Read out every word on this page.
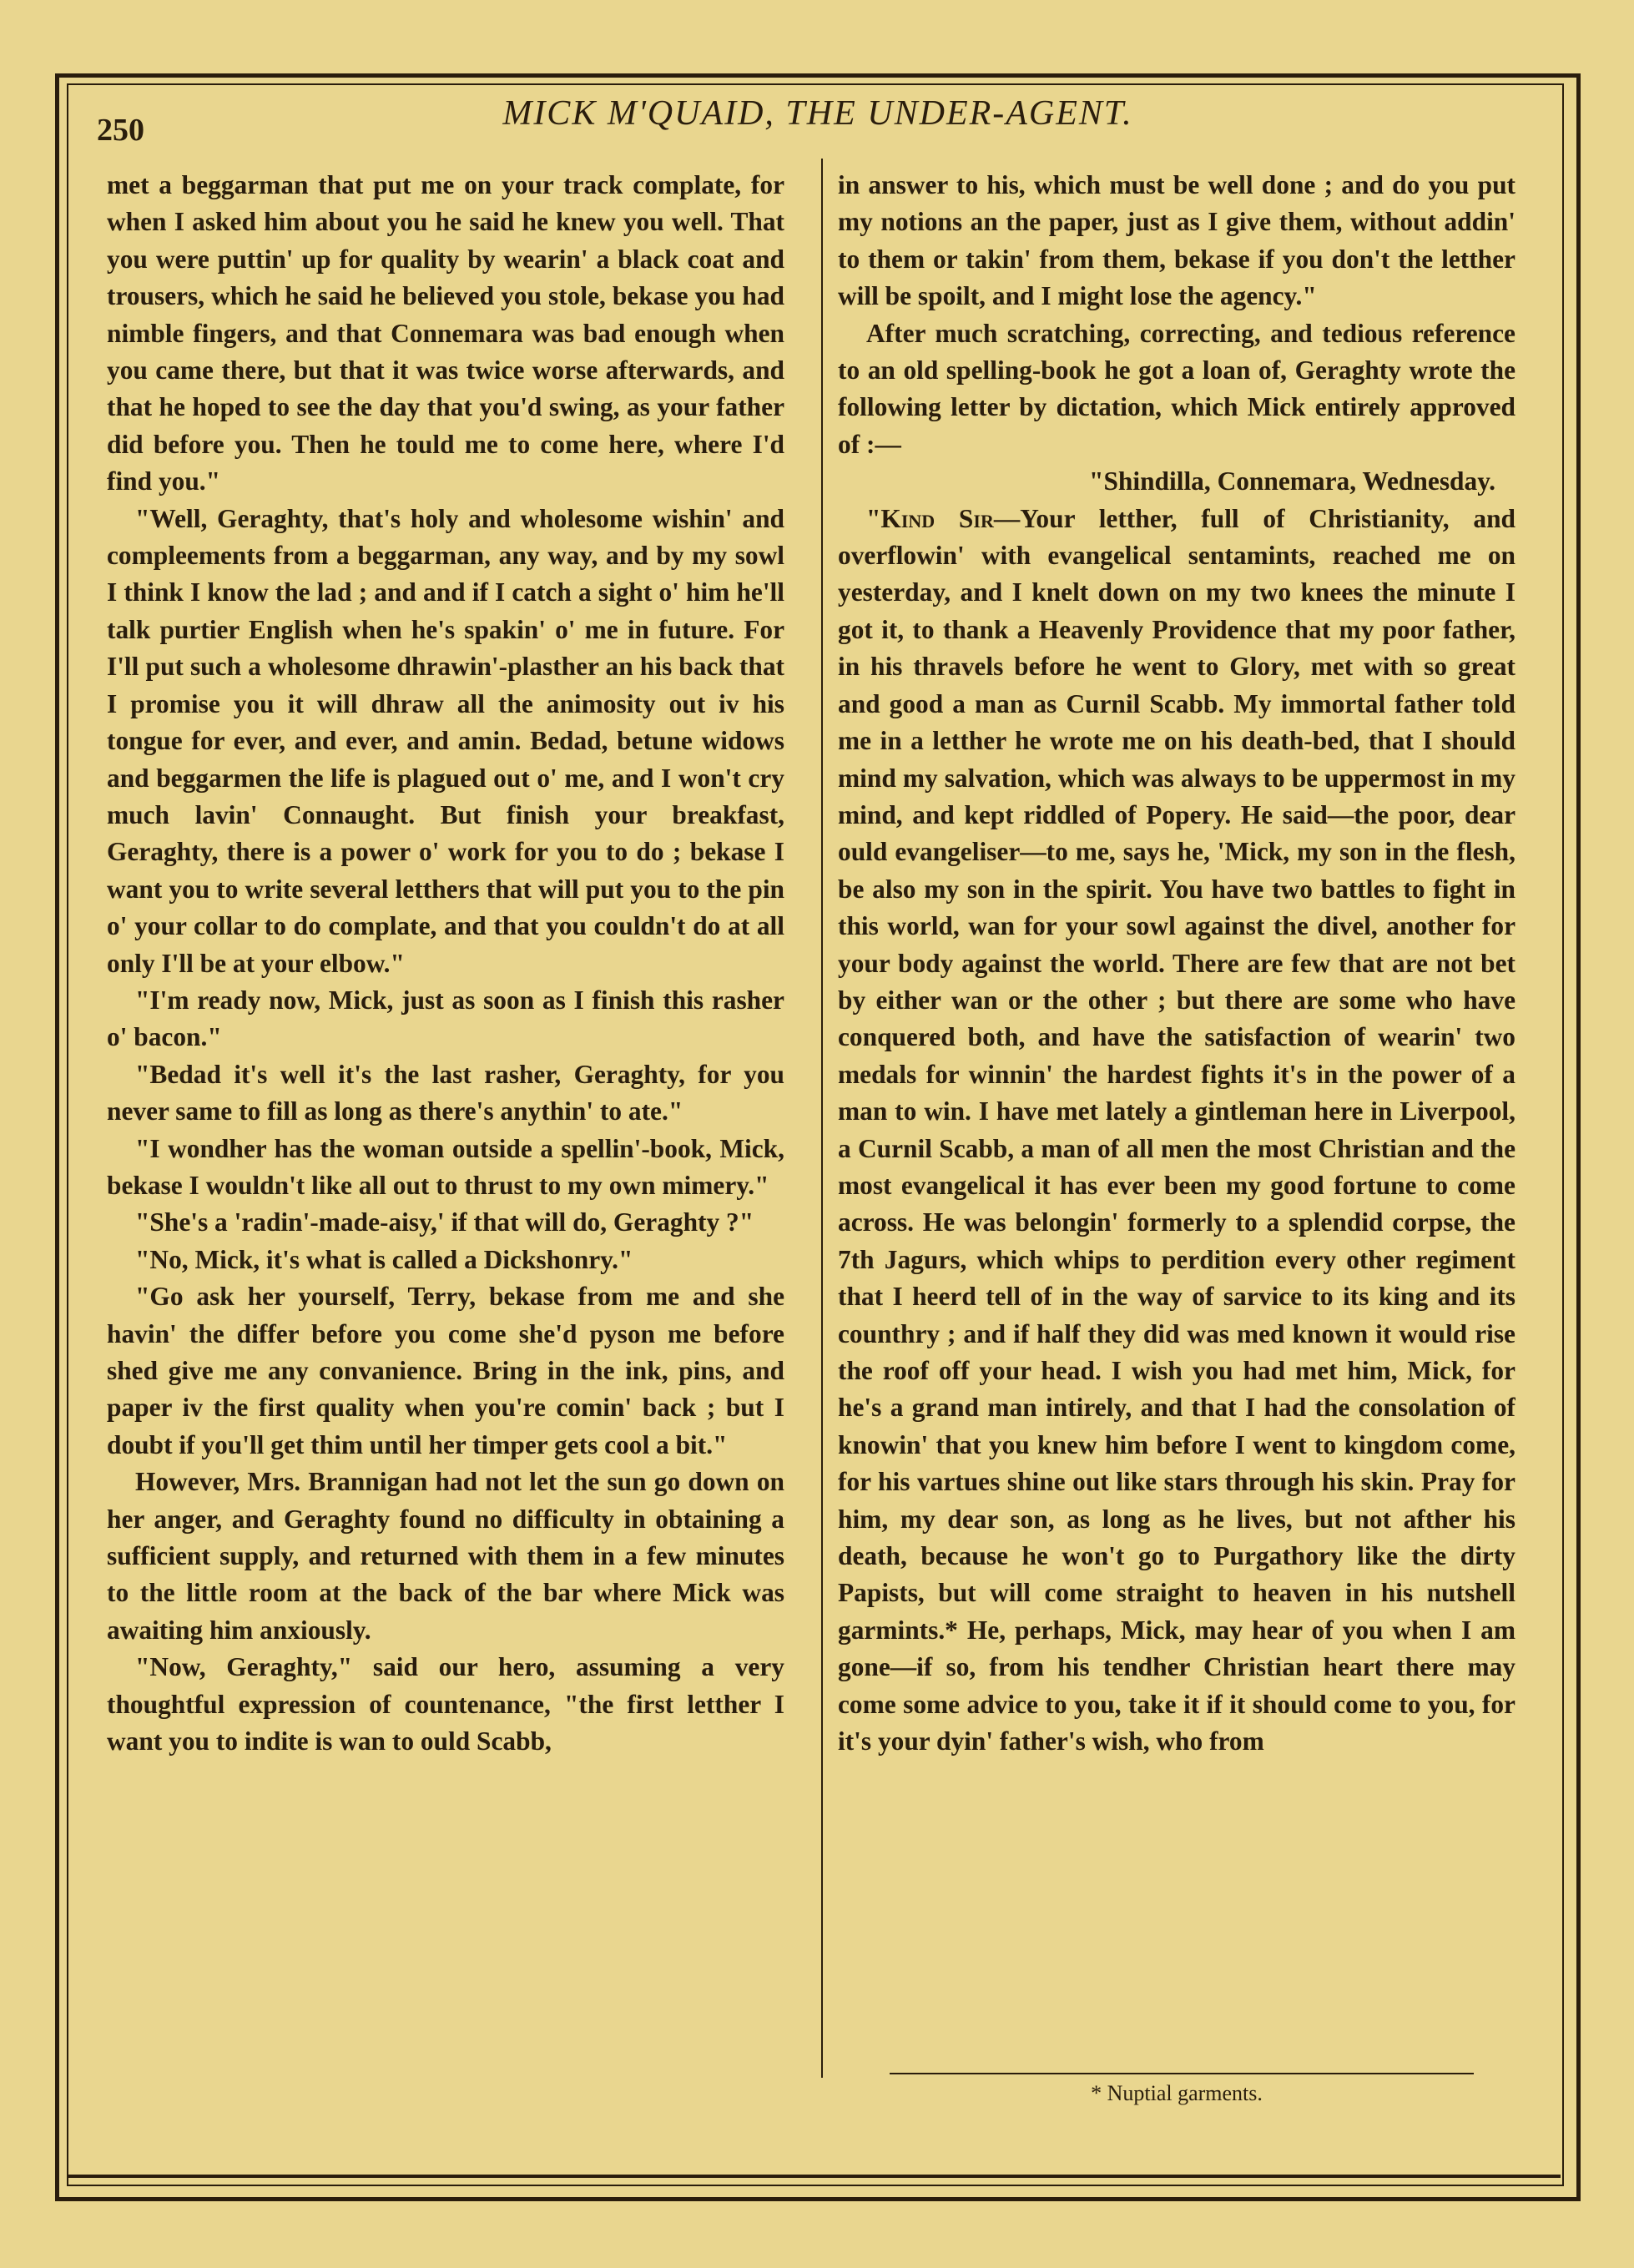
250	MICK M'QUAID, THE UNDER-AGENT.

met a beggarman that put me on your track complate, for when I asked him about you he said he knew you well. That you were puttin' up for quality by wearin' a black coat and trousers, which he said he believed you stole, bekase you had nimble fingers, and that Connemara was bad enough when you came there, but that it was twice worse afterwards, and that he hoped to see the day that you'd swing, as your father did before you. Then he tould me to come here, where I'd find you."

"Well, Geraghty, that's holy and wholesome wishin' and compleements from a beggarman, any way, and by my sowl I think I know the lad ; and and if I catch a sight o' him he'll talk purtier English when he's spakin' o' me in future. For I'll put such a wholesome dhrawin'-plasther an his back that I promise you it will dhraw all the animosity out iv his tongue for ever, and ever, and amin. Bedad, betune widows and beggarmen the life is plagued out o' me, and I won't cry much lavin' Connaught. But finish your breakfast, Geraghty, there is a power o' work for you to do ; bekase I want you to write several letthers that will put you to the pin o' your collar to do complate, and that you couldn't do at all only I'll be at your elbow."

"I'm ready now, Mick, just as soon as I finish this rasher o' bacon."

"Bedad it's well it's the last rasher, Geraghty, for you never same to fill as long as there's anythin' to ate."

"I wondher has the woman outside a spellin'-book, Mick, bekase I wouldn't like all out to thrust to my own mimery."

"She's a 'radin'-made-aisy,' if that will do, Geraghty ?"

"No, Mick, it's what is called a Dickshonry."

"Go ask her yourself, Terry, bekase from me and she havin' the differ before you come she'd pyson me before shed give me any convanience. Bring in the ink, pins, and paper iv the first quality when you're comin' back ; but I doubt if you'll get thim until her timper gets cool a bit."

However, Mrs. Brannigan had not let the sun go down on her anger, and Geraghty found no difficulty in obtaining a sufficient supply, and returned with them in a few minutes to the little room at the back of the bar where Mick was awaiting him anxiously.

"Now, Geraghty," said our hero, assuming a very thoughtful expression of countenance, "the first letther I want you to indite is wan to ould Scabb,

in answer to his, which must be well done ; and do you put my notions an the paper, just as I give them, without addin' to them or takin' from them, bekase if you don't the letther will be spoilt, and I might lose the agency."

After much scratching, correcting, and tedious reference to an old spelling-book he got a loan of, Geraghty wrote the following letter by dictation, which Mick entirely approved of :—

"Shindilla, Connemara, Wednesday.

"Kind Sir—Your letther, full of Christianity, and overflowin' with evangelical sentamints, reached me on yesterday, and I knelt down on my two knees the minute I got it, to thank a Heavenly Providence that my poor father, in his thravels before he went to Glory, met with so great and good a man as Curnil Scabb. My immortal father told me in a letther he wrote me on his death-bed, that I should mind my salvation, which was always to be uppermost in my mind, and kept riddled of Popery. He said—the poor, dear ould evangeliser—to me, says he, 'Mick, my son in the flesh, be also my son in the spirit. You have two battles to fight in this world, wan for your sowl against the divel, another for your body against the world. There are few that are not bet by either wan or the other ; but there are some who have conquered both, and have the satisfaction of wearin' two medals for winnin' the hardest fights it's in the power of a man to win. I have met lately a gintleman here in Liverpool, a Curnil Scabb, a man of all men the most Christian and the most evangelical it has ever been my good fortune to come across. He was belongin' formerly to a splendid corpse, the 7th Jagurs, which whips to perdition every other regiment that I heerd tell of in the way of sarvice to its king and its counthry ; and if half they did was med known it would rise the roof off your head. I wish you had met him, Mick, for he's a grand man intirely, and that I had the consolation of knowin' that you knew him before I went to kingdom come, for his vartues shine out like stars through his skin. Pray for him, my dear son, as long as he lives, but not afther his death, because he won't go to Purgathory like the dirty Papists, but will come straight to heaven in his nutshell garmints.* He, perhaps, Mick, may hear of you when I am gone—if so, from his tendher Christian heart there may come some advice to you, take it if it should come to you, for it's your dyin' father's wish, who from

* Nuptial garments.
